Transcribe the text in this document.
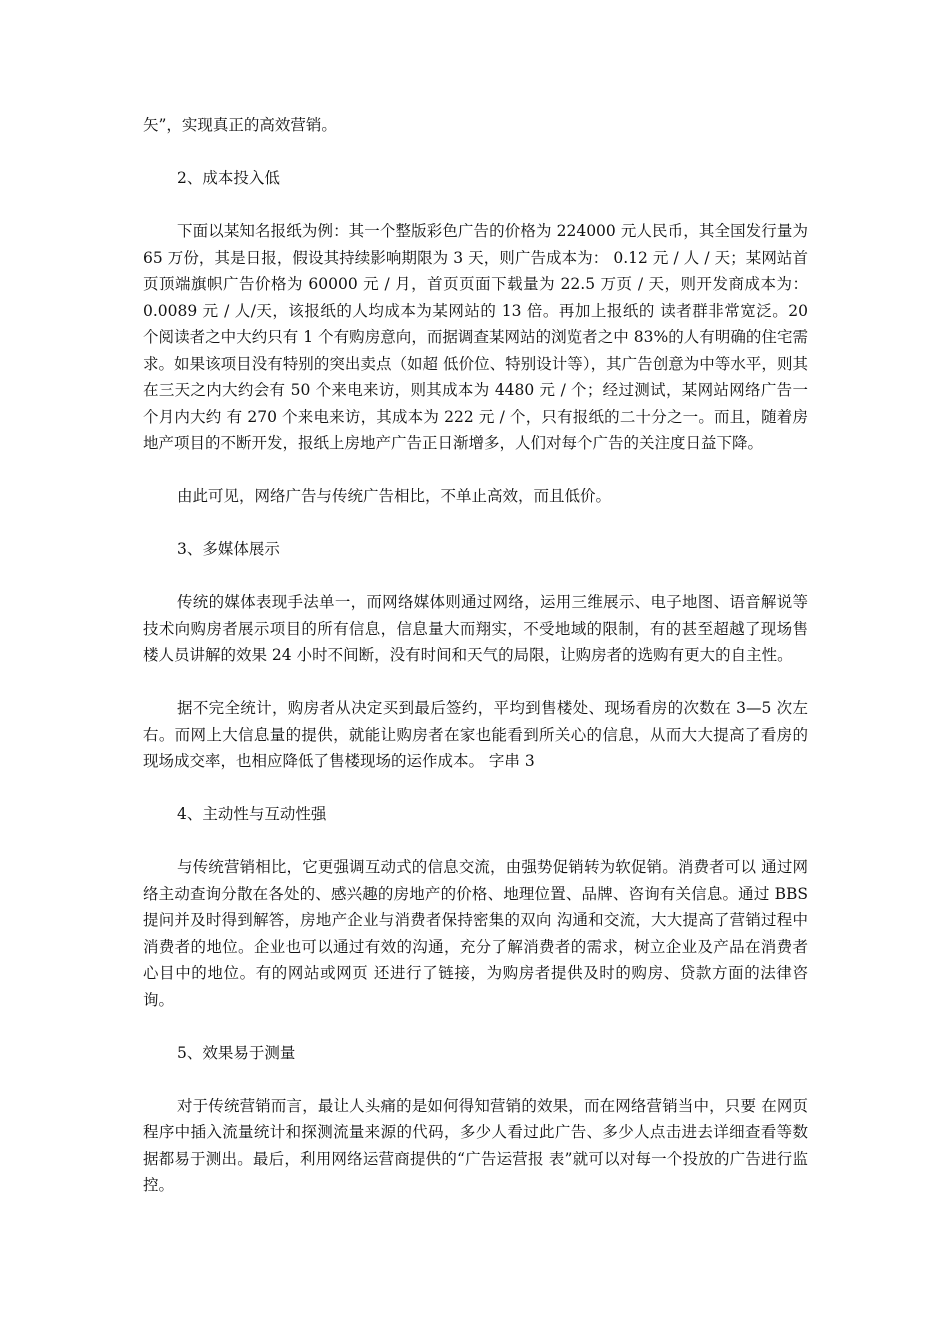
矢”，实现真正的高效营销。

2、成本投入低

下面以某知名报纸为例：其一个整版彩色广告的价格为 224000 元人民币，其全国发行量为 65 万份，其是日报，假设其持续影响期限为 3 天，则广告成本为： 0.12 元 / 人 / 天；某网站首页顶端旗帜广告价格为 60000 元 / 月，首页页面下载量为 22.5 万页 / 天，则开发商成本为：0.0089 元 / 人/天，该报纸的人均成本为某网站的 13 倍。再加上报纸的 读者群非常宽泛。20 个阅读者之中大约只有 1 个有购房意向，而据调查某网站的浏览者之中 83%的人有明确的住宅需求。如果该项目没有特别的突出卖点（如超 低价位、特别设计等），其广告创意为中等水平，则其在三天之内大约会有 50 个来电来访，则其成本为 4480 元 / 个；经过测试，某网站网络广告一个月内大约 有 270 个来电来访，其成本为 222 元 / 个，只有报纸的二十分之一。而且，随着房地产项目的不断开发，报纸上房地产广告正日渐增多，人们对每个广告的关注度日益下降。

由此可见，网络广告与传统广告相比，不单止高效，而且低价。

3、多媒体展示

传统的媒体表现手法单一，而网络媒体则通过网络，运用三维展示、电子地图、语音解说等技术向购房者展示项目的所有信息，信息量大而翔实，不受地域的限制，有的甚至超越了现场售楼人员讲解的效果 24 小时不间断，没有时间和天气的局限，让购房者的选购有更大的自主性。

据不完全统计，购房者从决定买到最后签约，平均到售楼处、现场看房的次数在 3—5 次左右。而网上大信息量的提供，就能让购房者在家也能看到所关心的信息，从而大大提高了看房的现场成交率，也相应降低了售楼现场的运作成本。 字串 3

4、主动性与互动性强

与传统营销相比，它更强调互动式的信息交流，由强势促销转为软促销。消费者可以 通过网络主动查询分散在各处的、感兴趣的房地产的价格、地理位置、品牌、咨询有关信息。通过 BBS 提问并及时得到解答，房地产企业与消费者保持密集的双向 沟通和交流，大大提高了营销过程中消费者的地位。企业也可以通过有效的沟通，充分了解消费者的需求，树立企业及产品在消费者心目中的地位。有的网站或网页 还进行了链接，为购房者提供及时的购房、贷款方面的法律咨询。

5、效果易于测量

对于传统营销而言，最让人头痛的是如何得知营销的效果，而在网络营销当中，只要 在网页程序中插入流量统计和探测流量来源的代码，多少人看过此广告、多少人点击进去详细查看等数据都易于测出。最后，利用网络运营商提供的“广告运营报 表”就可以对每一个投放的广告进行监控。
